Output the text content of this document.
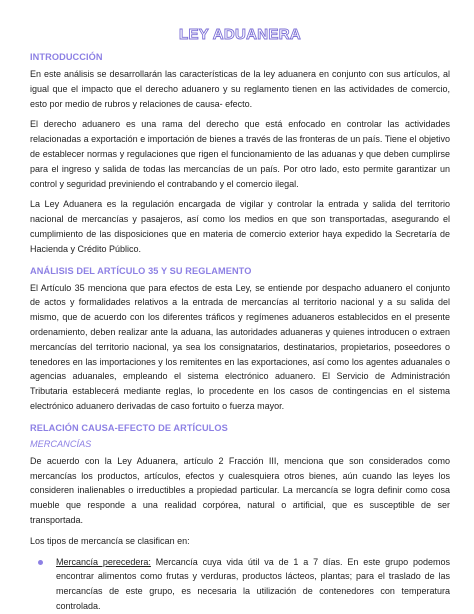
LEY ADUANERA
INTRODUCCIÓN

En este análisis se desarrollarán las características de la ley aduanera en conjunto con sus artículos, al igual que el impacto que el derecho aduanero y su reglamento tienen en las actividades de comercio, esto por medio de rubros y relaciones de causa- efecto.

El derecho aduanero es una rama del derecho que está enfocado en controlar las actividades relacionadas a exportación e importación de bienes a través de las fronteras de un país. Tiene el objetivo de establecer normas y regulaciones que rigen el funcionamiento de las aduanas y que deben cumplirse para el ingreso y salida de todas las mercancías de un país. Por otro lado, esto permite garantizar un control y seguridad previniendo el contrabando y el comercio ilegal.

La Ley Aduanera es la regulación encargada de vigilar y controlar la entrada y salida del territorio nacional de mercancías y pasajeros, así como los medios en que son transportadas, asegurando el cumplimiento de las disposiciones que en materia de comercio exterior haya expedido la Secretaría de Hacienda y Crédito Público.

ANÁLISIS DEL ARTÍCULO 35 Y SU REGLAMENTO

El Artículo 35 menciona que para efectos de esta Ley, se entiende por despacho aduanero el conjunto de actos y formalidades relativos a la entrada de mercancías al territorio nacional y a su salida del mismo, que de acuerdo con los diferentes tráficos y regímenes aduaneros establecidos en el presente ordenamiento, deben realizar ante la aduana, las autoridades aduaneras y quienes introducen o extraen mercancías del territorio nacional, ya sea los consignatarios, destinatarios, propietarios, poseedores o tenedores en las importaciones y los remitentes en las exportaciones, así como los agentes aduanales o agencias aduanales, empleando el sistema electrónico aduanero. El Servicio de Administración Tributaria establecerá mediante reglas, lo procedente en los casos de contingencias en el sistema electrónico aduanero derivadas de caso fortuito o fuerza mayor.

RELACIÓN CAUSA-EFECTO DE ARTÍCULOS
MERCANCÍAS

De acuerdo con la Ley Aduanera, artículo 2 Fracción III, menciona que son considerados como mercancías los productos, artículos, efectos y cualesquiera otros bienes, aún cuando las leyes los consideren inalienables o irreductibles a propiedad particular. La mercancía se logra definir como cosa mueble que responde a una realidad corpórea, natural o artificial, que es susceptible de ser transportada.

Los tipos de mercancía se clasifican en:

Mercancía perecedera: Mercancía cuya vida útil va de 1 a 7 días. En este grupo podemos encontrar alimentos como frutas y verduras, productos lácteos, plantas; para el traslado de las mercancías de este grupo, es necesaria la utilización de contenedores con temperatura controlada.
